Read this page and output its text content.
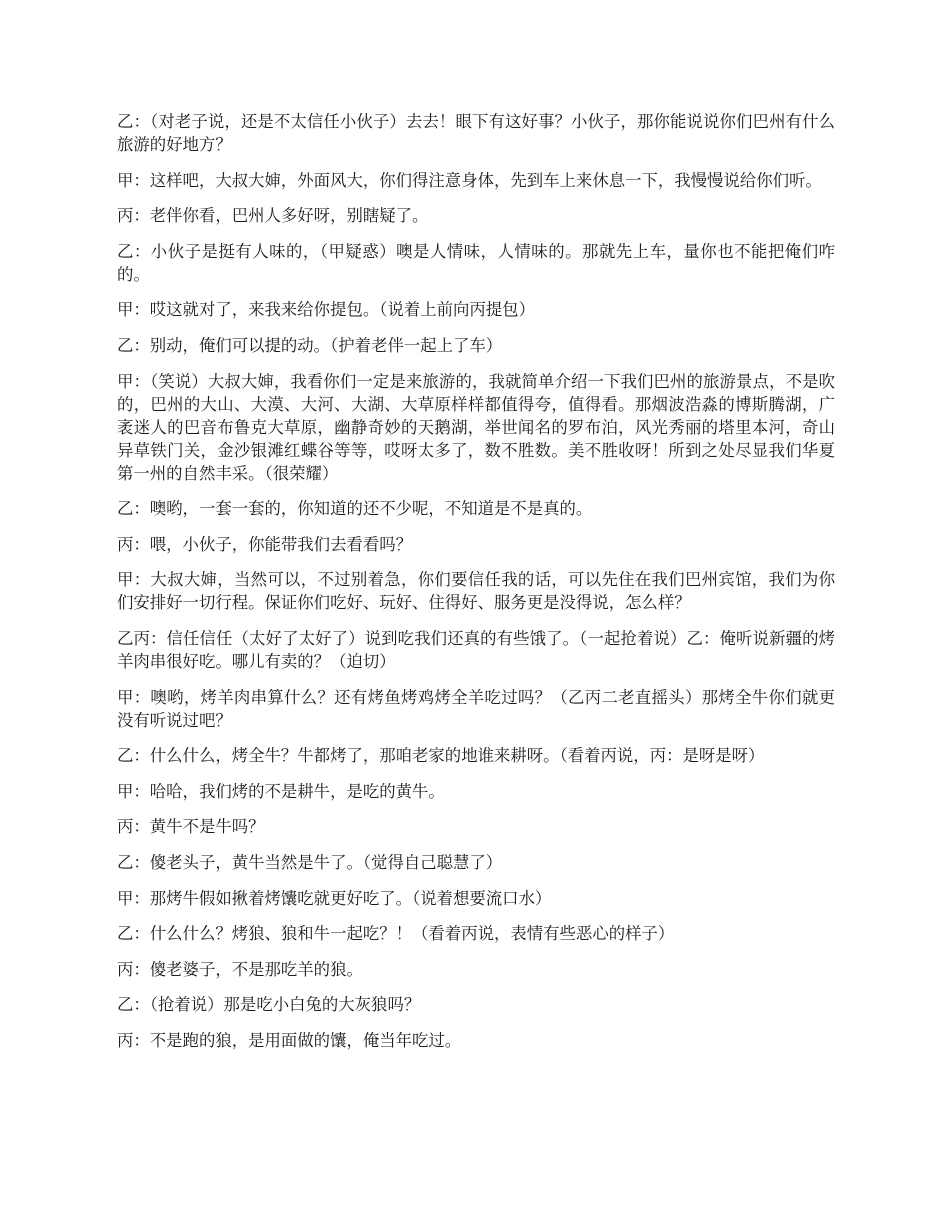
乙：（对老子说，还是不太信任小伙子）去去！眼下有这好事？小伙子，那你能说说你们巴州有什么旅游的好地方？

甲：这样吧，大叔大婶，外面风大，你们得注意身体，先到车上来休息一下，我慢慢说给你们听。

丙：老伴你看，巴州人多好呀，别瞎疑了。

乙：小伙子是挺有人味的，（甲疑惑）噢是人情味，人情味的。那就先上车，量你也不能把俺们咋的。

甲：哎这就对了，来我来给你提包。（说着上前向丙提包）

乙：别动，俺们可以提的动。（护着老伴一起上了车）

甲：（笑说）大叔大婶，我看你们一定是来旅游的，我就简单介绍一下我们巴州的旅游景点，不是吹的，巴州的大山、大漠、大河、大湖、大草原样样都值得夸，值得看。那烟波浩淼的博斯腾湖，广袤迷人的巴音布鲁克大草原，幽静奇妙的天鹅湖，举世闻名的罗布泊，风光秀丽的塔里本河，奇山异草铁门关，金沙银滩红蝶谷等等，哎呀太多了，数不胜数。美不胜收呀！所到之处尽显我们华夏第一州的自然丰采。（很荣耀）

乙：噢哟，一套一套的，你知道的还不少呢，不知道是不是真的。

丙：喂，小伙子，你能带我们去看看吗？

甲：大叔大婶，当然可以，不过别着急，你们要信任我的话，可以先住在我们巴州宾馆，我们为你们安排好一切行程。保证你们吃好、玩好、住得好、服务更是没得说，怎么样？

乙丙：信任信任（太好了太好了）说到吃我们还真的有些饿了。（一起抢着说）乙：俺听说新疆的烤羊肉串很好吃。哪儿有卖的？（迫切）

甲：噢哟，烤羊肉串算什么？还有烤鱼烤鸡烤全羊吃过吗？（乙丙二老直摇头）那烤全牛你们就更没有听说过吧？

乙：什么什么，烤全牛？牛都烤了，那咱老家的地谁来耕呀。（看着丙说，丙：是呀是呀）

甲：哈哈，我们烤的不是耕牛，是吃的黄牛。

丙：黄牛不是牛吗？

乙：傻老头子，黄牛当然是牛了。（觉得自己聪慧了）

甲：那烤牛假如揪着烤馕吃就更好吃了。（说着想要流口水）

乙：什么什么？烤狼、狼和牛一起吃？！（看着丙说，表情有些恶心的样子）

丙：傻老婆子，不是那吃羊的狼。

乙：（抢着说）那是吃小白兔的大灰狼吗？

丙：不是跑的狼，是用面做的馕，俺当年吃过。
